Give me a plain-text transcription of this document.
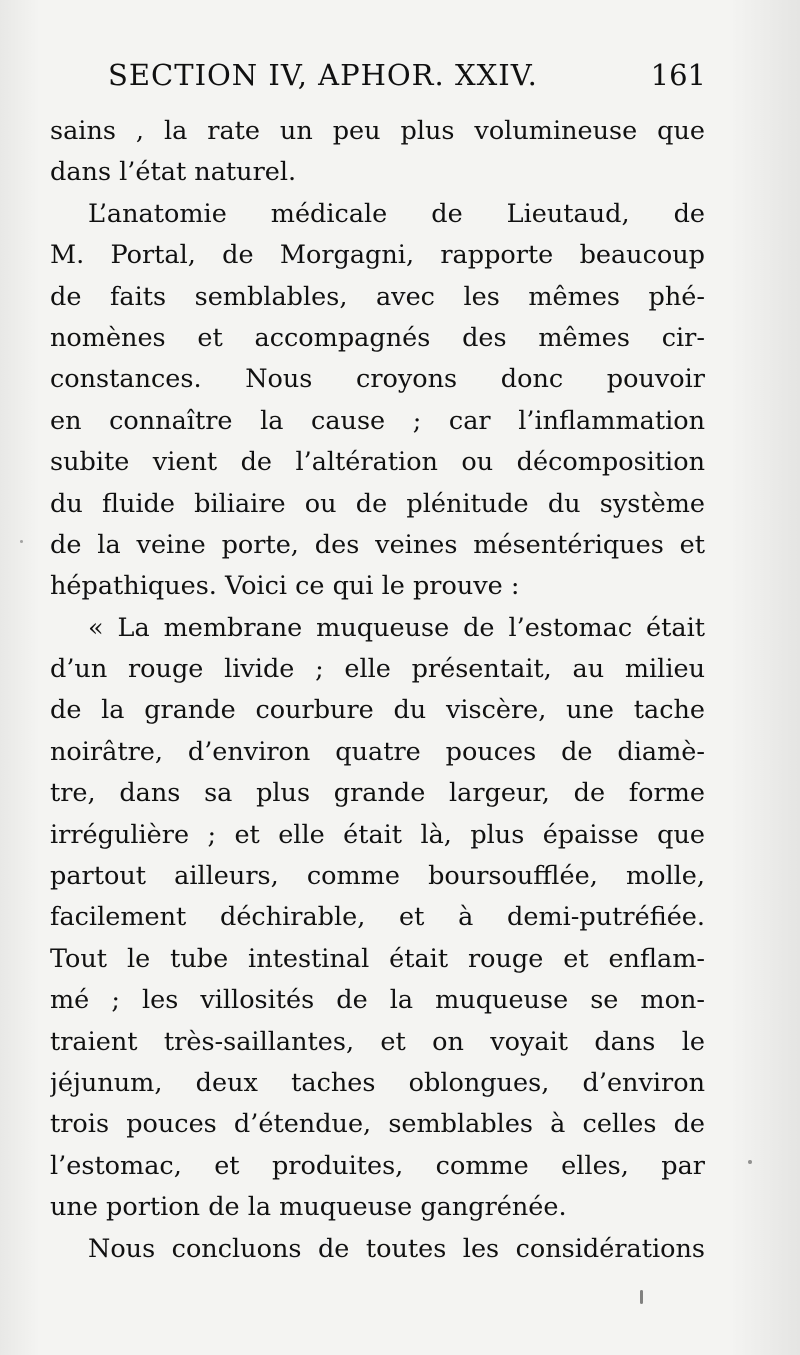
SECTION IV, APHOR. XXIV.	161
sains , la rate un peu plus volumineuse que
dans l’état naturel.
L’anatomie médicale de Lieutaud, de
M. Portal, de Morgagni, rapporte beaucoup
de faits semblables, avec les mêmes phé-
nomènes et accompagnés des mêmes cir-
constances. Nous croyons donc pouvoir
en connaître la cause ; car l’inflammation
subite vient de l’altération ou décomposition
du fluide biliaire ou de plénitude du système
de la veine porte, des veines mésentériques et
hépathiques. Voici ce qui le prouve :
« La membrane muqueuse de l’estomac était
d’un rouge livide ; elle présentait, au milieu
de la grande courbure du viscère, une tache
noirâtre, d’environ quatre pouces de diamè-
tre, dans sa plus grande largeur, de forme
irrégulière ; et elle était là, plus épaisse que
partout ailleurs, comme boursoufflée, molle,
facilement déchirable, et à demi-putréfiée.
Tout le tube intestinal était rouge et enflam-
mé ; les villosités de la muqueuse se mon-
traient très-saillantes, et on voyait dans le
jéjunum, deux taches oblongues, d’environ
trois pouces d’étendue, semblables à celles de
l’estomac, et produites, comme elles, par
une portion de la muqueuse gangrénée.
Nous concluons de toutes les considérations
